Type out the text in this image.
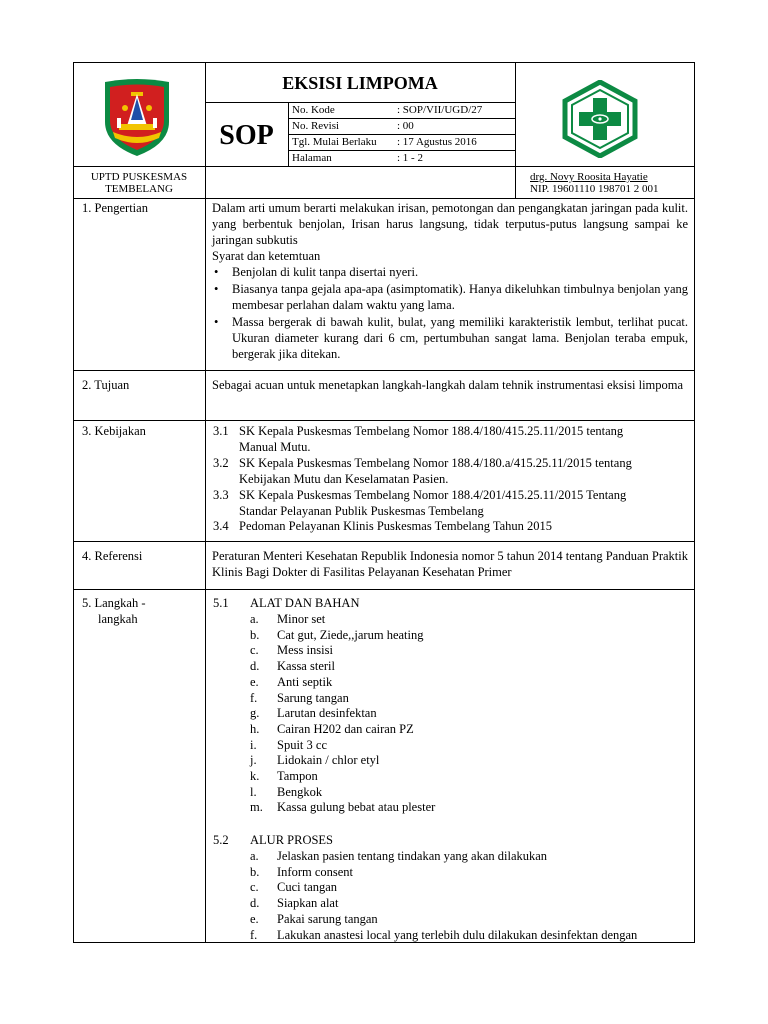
EKSISI LIMPOMA
SOP
No. Kode	: SOP/VII/UGD/27
No. Revisi	: 00
Tgl. Mulai Berlaku : 17 Agustus 2016
Halaman	: 1 - 2
UPTD PUSKESMAS
TEMBELANG
drg. Novy Roosita Hayatie
NIP. 19601110 198701 2 001
1. Pengertian	Dalam arti umum berarti melakukan irisan, pemotongan dan pengangkatan jaringan pada kulit. yang berbentuk benjolan, Irisan harus langsung, tidak terputus-putus langsung sampai ke jaringan subkutis
Syarat dan ketemtuan
• Benjolan di kulit tanpa disertai nyeri.
• Biasanya tanpa gejala apa-apa (asimptomatik). Hanya dikeluhkan timbulnya benjolan yang membesar perlahan dalam waktu yang lama.
• Massa bergerak di bawah kulit, bulat, yang memiliki karakteristik lembut, terlihat pucat. Ukuran diameter kurang dari 6 cm, pertumbuhan sangat lama. Benjolan teraba empuk, bergerak jika ditekan.
2. Tujuan	Sebagai acuan untuk menetapkan langkah-langkah dalam tehnik instrumentasi eksisi limpoma
3. Kebijakan	3.1 SK Kepala Puskesmas Tembelang Nomor 188.4/180/415.25.11/2015 tentang
Manual Mutu.
3.2 SK Kepala Puskesmas Tembelang Nomor 188.4/180.a/415.25.11/2015 tentang
Kebijakan Mutu dan Keselamatan Pasien.
3.3 SK Kepala Puskesmas Tembelang Nomor 188.4/201/415.25.11/2015 Tentang
Standar Pelayanan Publik Puskesmas Tembelang
3.4 Pedoman Pelayanan Klinis Puskesmas Tembelang Tahun 2015
4. Referensi	Peraturan Menteri Kesehatan Republik Indonesia nomor 5 tahun 2014 tentang Panduan Praktik Klinis Bagi Dokter di Fasilitas Pelayanan Kesehatan Primer
5. Langkah -
langkah
5.1 ALAT DAN BAHAN
a. Minor set
b. Cat gut, Ziede,,jarum heating
c. Mess insisi
d. Kassa steril
e. Anti septik
f. Sarung tangan
g. Larutan desinfektan
h. Cairan H202 dan cairan PZ
i. Spuit 3 cc
j. Lidokain / chlor etyl
k. Tampon
l. Bengkok
m. Kassa gulung bebat atau plester
5.2 ALUR PROSES
a. Jelaskan pasien tentang tindakan yang akan dilakukan
b. Inform consent
c. Cuci tangan
d. Siapkan alat
e. Pakai sarung tangan
f. Lakukan anastesi local yang terlebih dulu dilakukan desinfektan dengan
